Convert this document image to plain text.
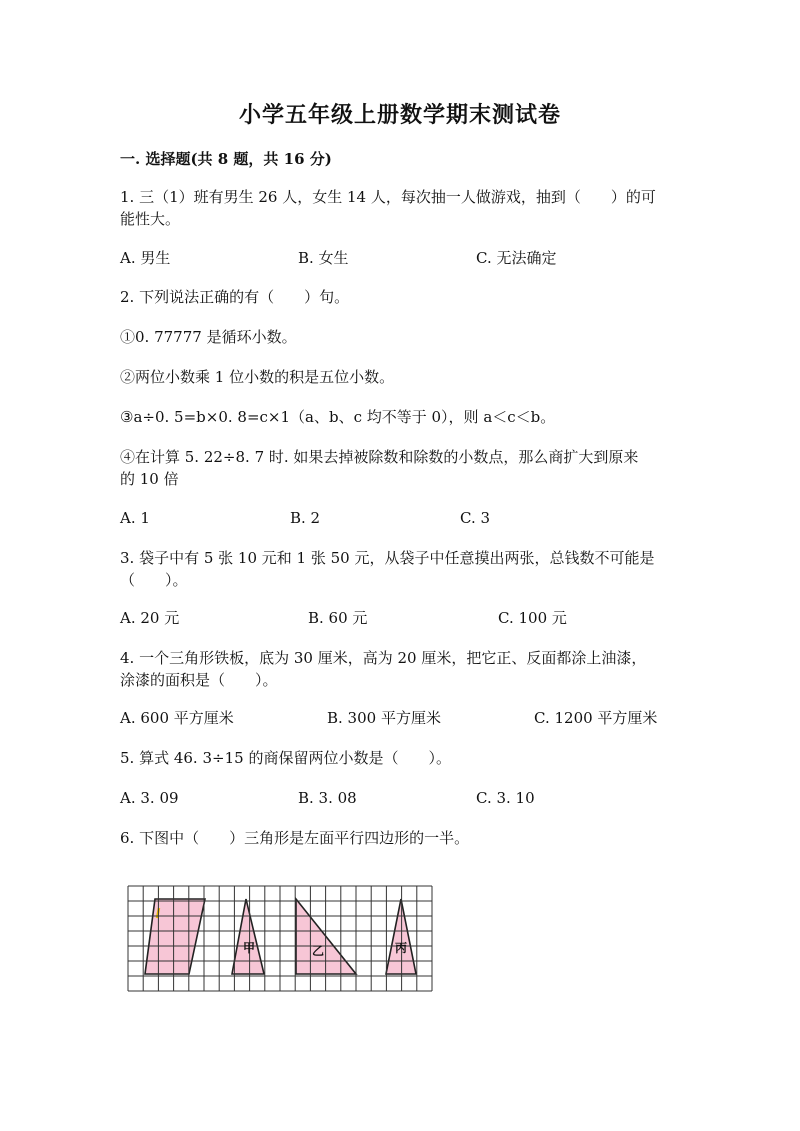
小学五年级上册数学期末测试卷
一. 选择题(共 8 题，共 16 分)
1. 三（1）班有男生 26 人，女生 14 人，每次抽一人做游戏，抽到（　　）的可
能性大。
A. 男生	B. 女生	C. 无法确定
2. 下列说法正确的有（　　）句。
①0. 77777 是循环小数。
②两位小数乘 1 位小数的积是五位小数。
③a÷0. 5=b×0. 8=c×1（a、b、c 均不等于 0），则 a＜c＜b。
④在计算 5. 22÷8. 7 时. 如果去掉被除数和除数的小数点，那么商扩大到原来
的 10 倍
A. 1	B. 2	C. 3
3. 袋子中有 5 张 10 元和 1 张 50 元，从袋子中任意摸出两张，总钱数不可能是
（　　）。
A. 20 元	B. 60 元	C. 100 元
4. 一个三角形铁板，底为 30 厘米，高为 20 厘米，把它正、反面都涂上油漆，
涂漆的面积是（　　）。
A. 600 平方厘米	B. 300 平方厘米	C. 1200 平方厘米
5. 算式 46. 3÷15 的商保留两位小数是（　　）。
A. 3. 09	B. 3. 08	C. 3. 10
6. 下图中（　　）三角形是左面平行四边形的一半。
甲	乙	丙
